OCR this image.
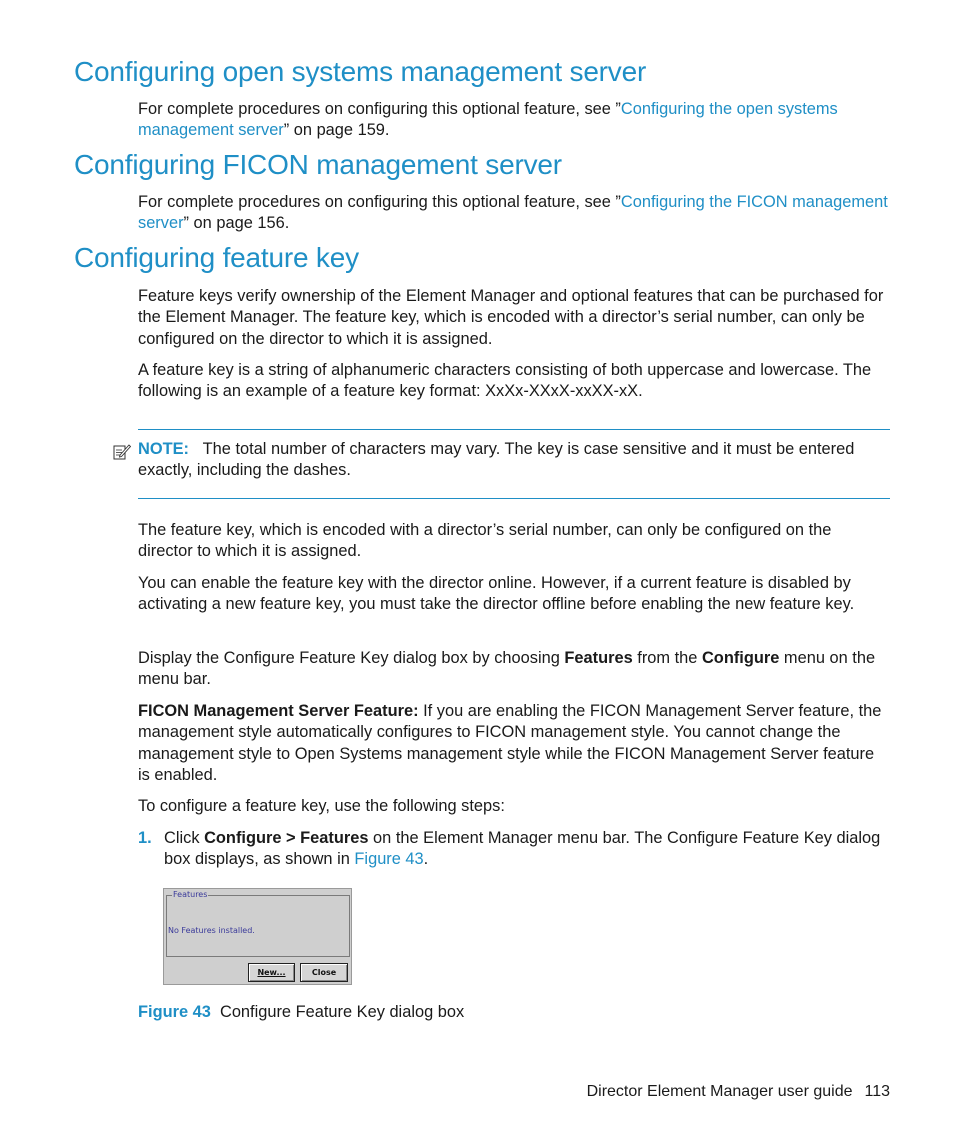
Configuring open systems management server

For complete procedures on configuring this optional feature, see ”Configuring the open systems management server” on page 159.

Configuring FICON management server

For complete procedures on configuring this optional feature, see ”Configuring the FICON management server” on page 156.

Configuring feature key

Feature keys verify ownership of the Element Manager and optional features that can be purchased for the Element Manager. The feature key, which is encoded with a director’s serial number, can only be configured on the director to which it is assigned.

A feature key is a string of alphanumeric characters consisting of both uppercase and lowercase. The following is an example of a feature key format: XxXx-XXxX-xxXX-xX.

NOTE: The total number of characters may vary. The key is case sensitive and it must be entered exactly, including the dashes.

The feature key, which is encoded with a director’s serial number, can only be configured on the director to which it is assigned.

You can enable the feature key with the director online. However, if a current feature is disabled by activating a new feature key, you must take the director offline before enabling the new feature key.

Display the Configure Feature Key dialog box by choosing Features from the Configure menu on the menu bar.

FICON Management Server Feature: If you are enabling the FICON Management Server feature, the management style automatically configures to FICON management style. You cannot change the management style to Open Systems management style while the FICON Management Server feature is enabled.

To configure a feature key, use the following steps:

1. Click Configure > Features on the Element Manager menu bar. The Configure Feature Key dialog box displays, as shown in Figure 43.

Features
No Features installed.
New...	Close
Figure 43 Configure Feature Key dialog box
Director Element Manager user guide 113
